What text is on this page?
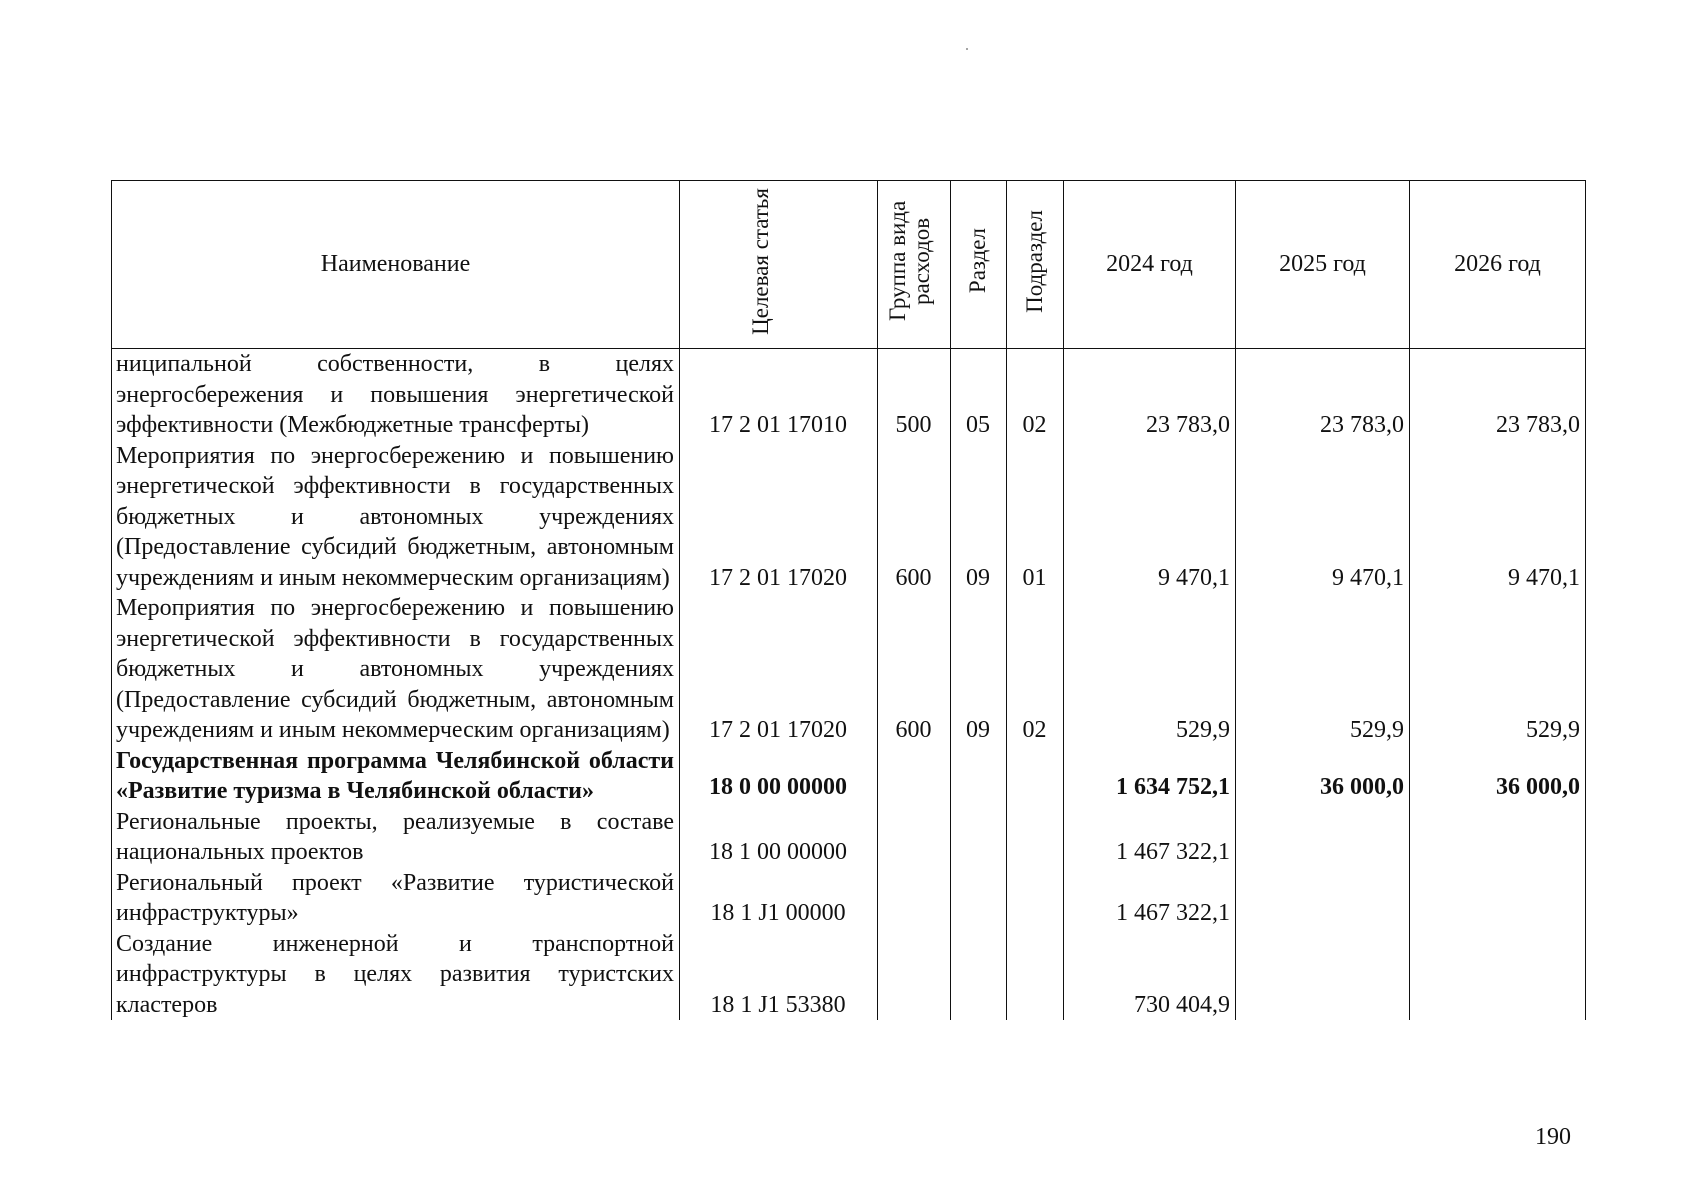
Наименование	Целевая статья	Группа вида расходов	Раздел	Подраздел	2024 год	2025 год	2026 год
ниципальной собственности, в целях энергосбережения и повышения энергетической эффективности (Межбюджетные трансферты)	17 2 01 17010	500	05	02	23 783,0	23 783,0	23 783,0
Мероприятия по энергосбережению и повышению энергетической эффективности в государственных бюджетных и автономных учреждениях (Предоставление субсидий бюджетным, автономным учреждениям и иным некоммерческим организациям)	17 2 01 17020	600	09	01	9 470,1	9 470,1	9 470,1
Мероприятия по энергосбережению и повышению энергетической эффективности в государственных бюджетных и автономных учреждениях (Предоставление субсидий бюджетным, автономным учреждениям и иным некоммерческим организациям)	17 2 01 17020	600	09	02	529,9	529,9	529,9
Государственная программа Челябинской области «Развитие туризма в Челябинской области»	18 0 00 00000				1 634 752,1	36 000,0	36 000,0
Региональные проекты, реализуемые в составе национальных проектов	18 1 00 00000				1 467 322,1		
Региональный проект «Развитие туристической инфраструктуры»	18 1 J1 00000				1 467 322,1		
Создание инженерной и транспортной инфраструктуры в целях развития туристских кластеров	18 1 J1 53380				730 404,9		
190
